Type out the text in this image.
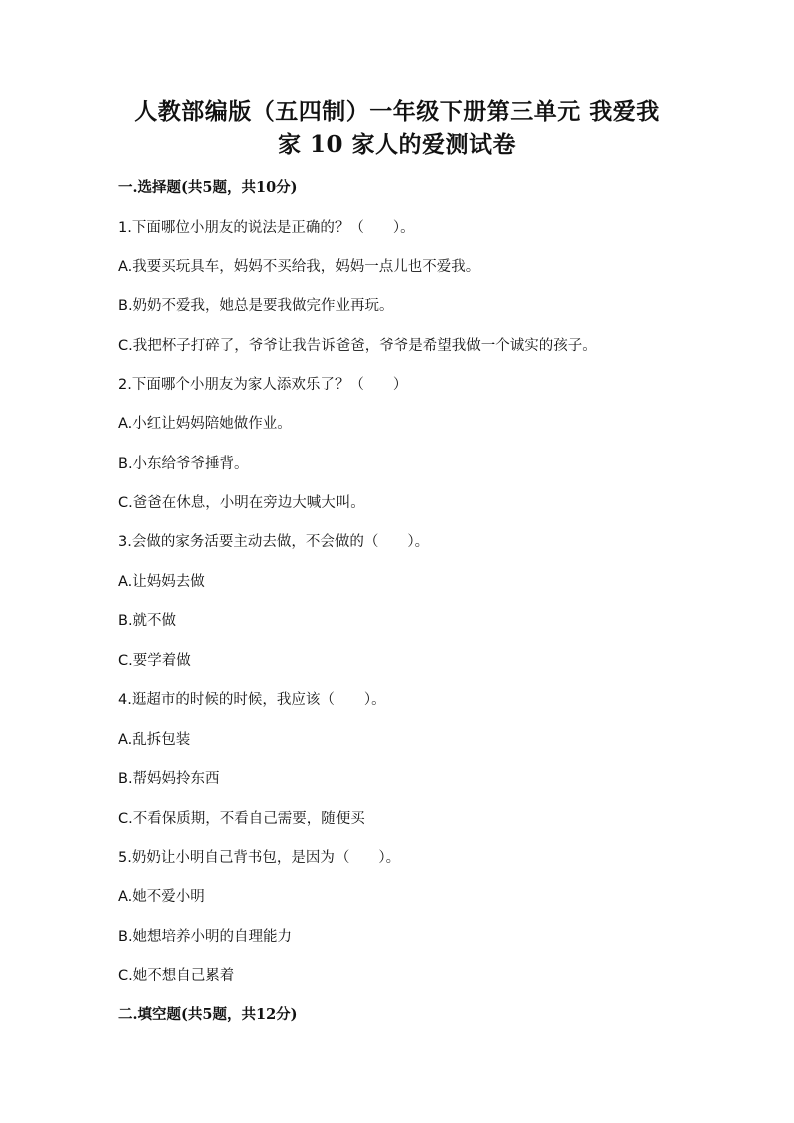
人教部编版（五四制）一年级下册第三单元 我爱我
家 10 家人的爱测试卷
一.选择题(共5题，共10分)
1.下面哪位小朋友的说法是正确的？（　　）。
A.我要买玩具车，妈妈不买给我，妈妈一点儿也不爱我。
B.奶奶不爱我，她总是要我做完作业再玩。
C.我把杯子打碎了，爷爷让我告诉爸爸，爷爷是希望我做一个诚实的孩子。
2.下面哪个小朋友为家人添欢乐了？（　　）
A.小红让妈妈陪她做作业。
B.小东给爷爷捶背。
C.爸爸在休息，小明在旁边大喊大叫。
3.会做的家务活要主动去做，不会做的（　　）。
A.让妈妈去做
B.就不做
C.要学着做
4.逛超市的时候的时候，我应该（　　）。
A.乱拆包装
B.帮妈妈拎东西
C.不看保质期，不看自己需要，随便买
5.奶奶让小明自己背书包，是因为（　　）。
A.她不爱小明
B.她想培养小明的自理能力
C.她不想自己累着
二.填空题(共5题，共12分)
